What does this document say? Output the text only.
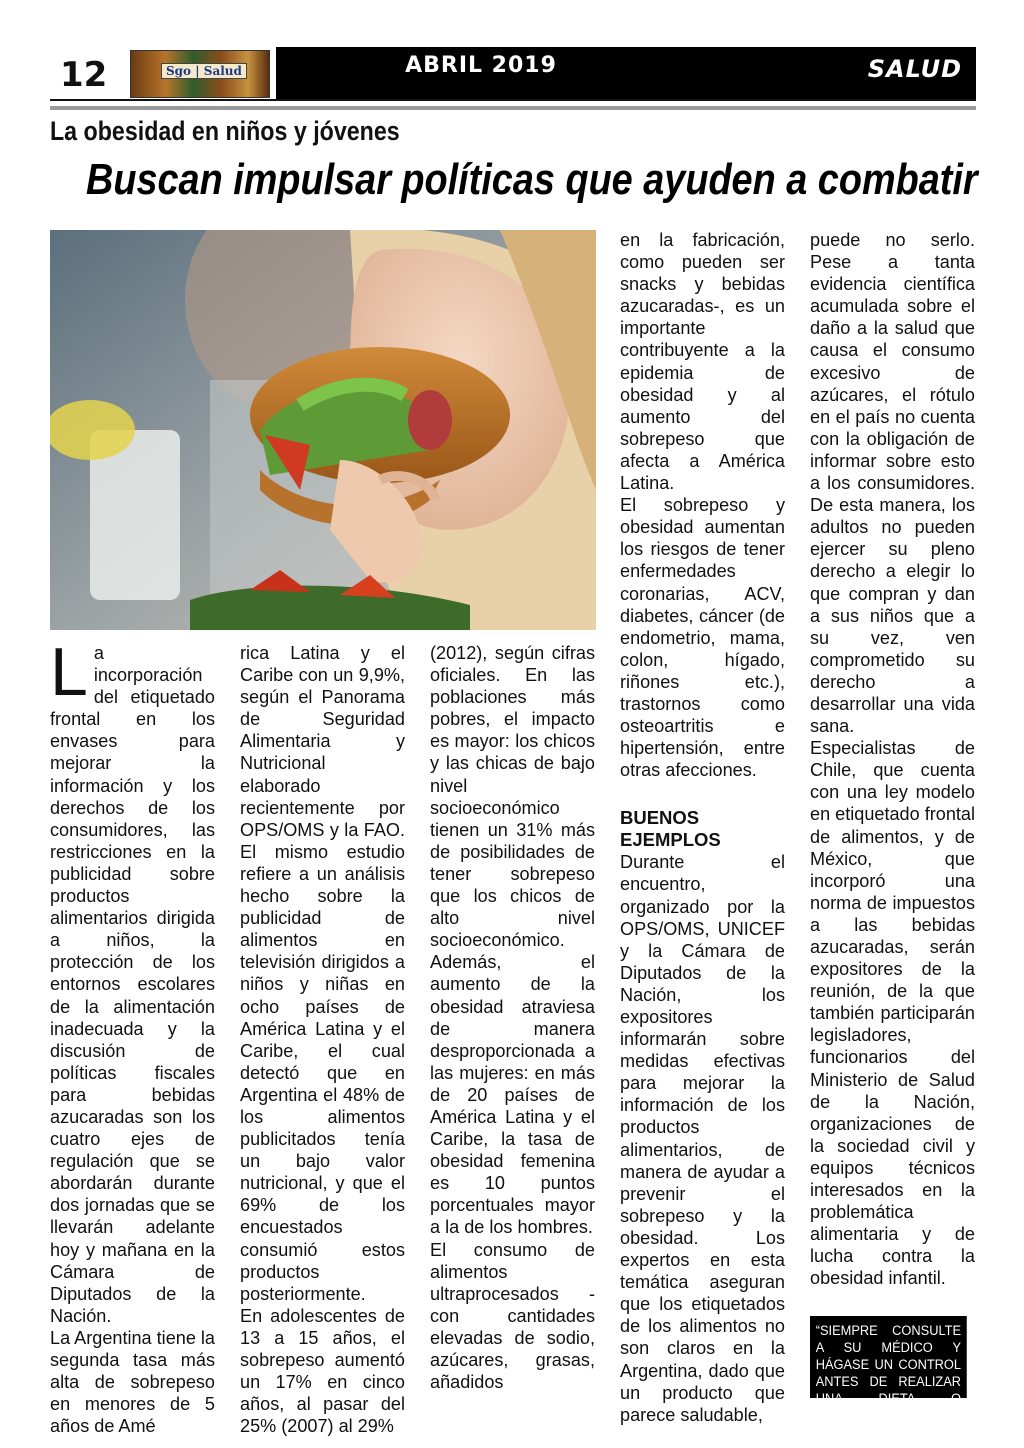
12	Sgo | Salud	ABRIL 2019	SALUD
La obesidad en niños y jóvenes
Buscan impulsar políticas que ayuden a combatir
L a incorporación del etiquetado frontal en los envases para mejorar la información y los derechos de los consumidores, las restricciones en la publicidad sobre productos alimentarios dirigida a niños, la protección de los entornos escolares de la alimentación inadecuada y la discusión de políticas fiscales para bebidas azucaradas son los cuatro ejes de regulación que se abordarán durante dos jornadas que se llevarán adelante hoy y mañana en la Cámara de Diputados de la Nación.

La Argentina tiene la segunda tasa más alta de sobrepeso en menores de 5 años de Amé

rica Latina y el Caribe con un 9,9%, según el Panorama de Seguridad Alimentaria y Nutricional elaborado recientemente por OPS/OMS y la FAO. El mismo estudio refiere a un análisis hecho sobre la publicidad de alimentos en televisión dirigidos a niños y niñas en ocho países de América Latina y el Caribe, el cual detectó que en Argentina el 48% de los alimentos publicitados tenía un bajo valor nutricional, y que el 69% de los encuestados consumió estos productos posteriormente.

En adolescentes de 13 a 15 años, el sobrepeso aumentó un 17% en cinco años, al pasar del 25% (2007) al 29%

(2012), según cifras oficiales. En las poblaciones más pobres, el impacto es mayor: los chicos y las chicas de bajo nivel socioeconómico tienen un 31% más de posibilidades de tener sobrepeso que los chicos de alto nivel socioeconómico. Además, el aumento de la obesidad atraviesa de manera desproporcionada a las mujeres: en más de 20 países de América Latina y el Caribe, la tasa de obesidad femenina es 10 puntos porcentuales mayor a la de los hombres.

El consumo de alimentos ultraprocesados -con cantidades elevadas de sodio, azúcares, grasas, añadidos

en la fabricación, como pueden ser snacks y bebidas azucaradas-, es un importante contribuyente a la epidemia de obesidad y al aumento del sobrepeso que afecta a América Latina.

El sobrepeso y obesidad aumentan los riesgos de tener enfermedades coronarias, ACV, diabetes, cáncer (de endometrio, mama, colon, hígado, riñones etc.), trastornos como osteoartritis e hipertensión, entre otras afecciones.

BUENOS EJEMPLOS

Durante el encuentro, organizado por la OPS/OMS, UNICEF y la Cámara de Diputados de la Nación, los expositores informarán sobre medidas efectivas para mejorar la información de los productos alimentarios, de manera de ayudar a prevenir el sobrepeso y la obesidad. Los expertos en esta temática aseguran que los etiquetados de los alimentos no son claros en la Argentina, dado que un producto que parece saludable,

puede no serlo. Pese a tanta evidencia científica acumulada sobre el daño a la salud que causa el consumo excesivo de azúcares, el rótulo en el país no cuenta con la obligación de informar sobre esto a los consumidores. De esta manera, los adultos no pueden ejercer su pleno derecho a elegir lo que compran y dan a sus niños que a su vez, ven comprometido su derecho a desarrollar una vida sana.

Especialistas de Chile, que cuenta con una ley modelo en etiquetado frontal de alimentos, y de México, que incorporó una norma de impuestos a las bebidas azucaradas, serán expositores de la reunión, de la que también participarán legisladores, funcionarios del Ministerio de Salud de la Nación, organizaciones de la sociedad civil y equipos técnicos interesados en la problemática alimentaria y de lucha contra la obesidad infantil.

“SIEMPRE CONSULTE A SU MÉDICO Y HÁGASE UN CONTROL ANTES DE REALIZAR UNA DIETA O ACTIVADAD FÍSICA”
